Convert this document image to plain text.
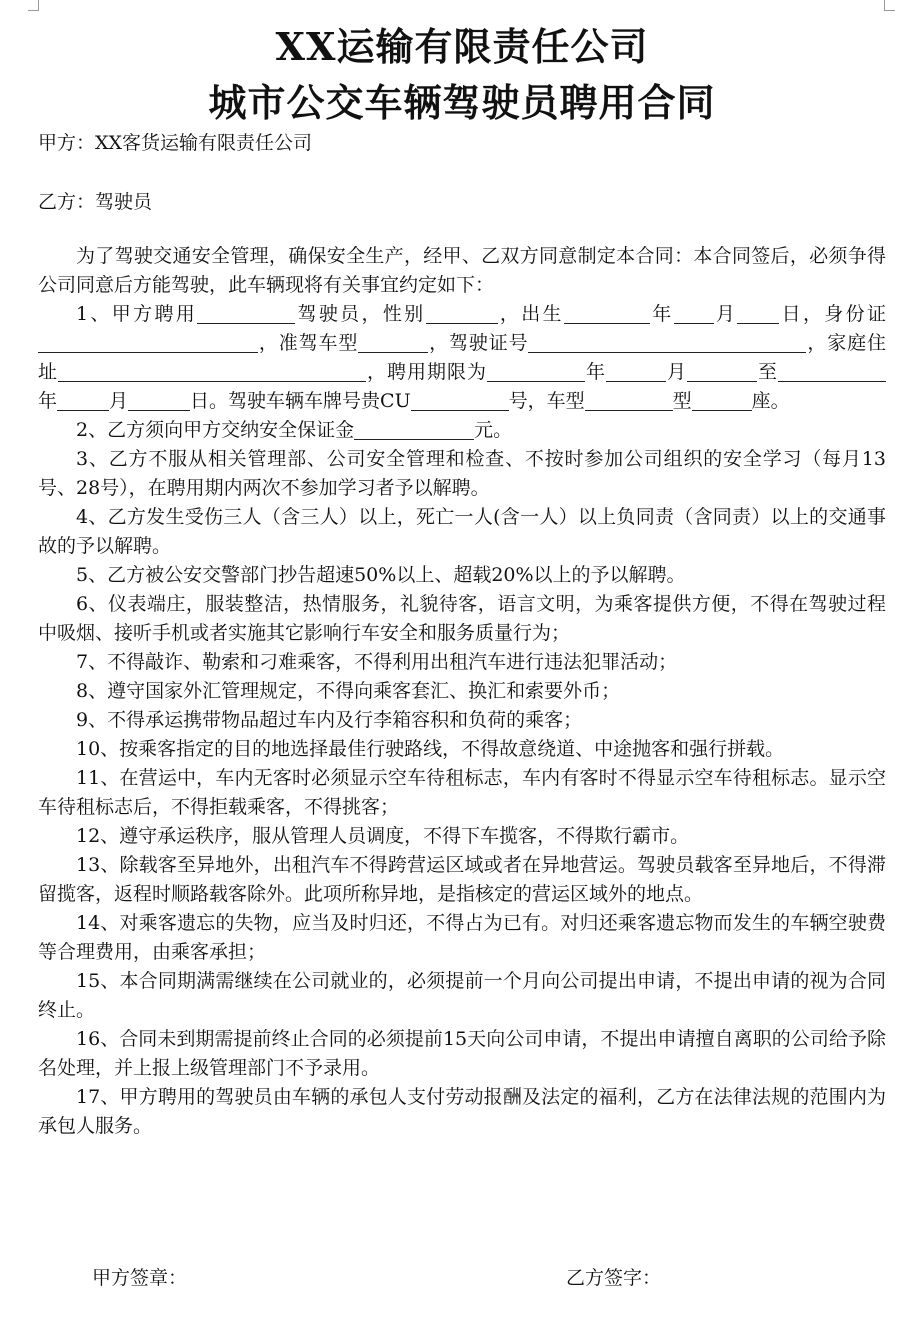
XX运输有限责任公司
城市公交车辆驾驶员聘用合同
甲方：XX客货运输有限责任公司
乙方：驾驶员

为了驾驶交通安全管理，确保安全生产，经甲、乙双方同意制定本合同：本合同签后，必须争得公司同意后方能驾驶，此车辆现将有关事宜约定如下：

1、甲方聘用	驾驶员，性别	，出生	年 月 日，身份证，准驾车型	，驾驶证号	，家庭住址	，聘用期限为	年	月	至年	月	日。驾驶车辆车牌号贵CU	号，车型	型	座。

2、乙方须向甲方交纳安全保证金	元。

3、乙方不服从相关管理部、公司安全管理和检查、不按时参加公司组织的安全学习（每月13号、28号），在聘用期内两次不参加学习者予以解聘。

4、乙方发生受伤三人（含三人）以上，死亡一人(含一人）以上负同责（含同责）以上的交通事故的予以解聘。

5、乙方被公安交警部门抄告超速50%以上、超载20%以上的予以解聘。

6、仪表端庄，服装整洁，热情服务，礼貌待客，语言文明，为乘客提供方便，不得在驾驶过程中吸烟、接听手机或者实施其它影响行车安全和服务质量行为；

7、不得敲诈、勒索和刁难乘客，不得利用出租汽车进行违法犯罪活动；

8、遵守国家外汇管理规定，不得向乘客套汇、换汇和索要外币；

9、不得承运携带物品超过车内及行李箱容积和负荷的乘客；

10、按乘客指定的目的地选择最佳行驶路线，不得故意绕道、中途抛客和强行拼载。

11、在营运中，车内无客时必须显示空车待租标志，车内有客时不得显示空车待租标志。显示空车待租标志后，不得拒载乘客，不得挑客；

12、遵守承运秩序，服从管理人员调度，不得下车揽客，不得欺行霸市。

13、除载客至异地外，出租汽车不得跨营运区域或者在异地营运。驾驶员载客至异地后，不得滞留揽客，返程时顺路载客除外。此项所称异地，是指核定的营运区域外的地点。

14、对乘客遗忘的失物，应当及时归还，不得占为已有。对归还乘客遗忘物而发生的车辆空驶费等合理费用，由乘客承担；

15、本合同期满需继续在公司就业的，必须提前一个月向公司提出申请，不提出申请的视为合同终止。

16、合同未到期需提前终止合同的必须提前15天向公司申请，不提出申请擅自离职的公司给予除名处理，并上报上级管理部门不予录用。

17、甲方聘用的驾驶员由车辆的承包人支付劳动报酬及法定的福利，乙方在法律法规的范围内为承包人服务。

甲方签章：	乙方签字：
